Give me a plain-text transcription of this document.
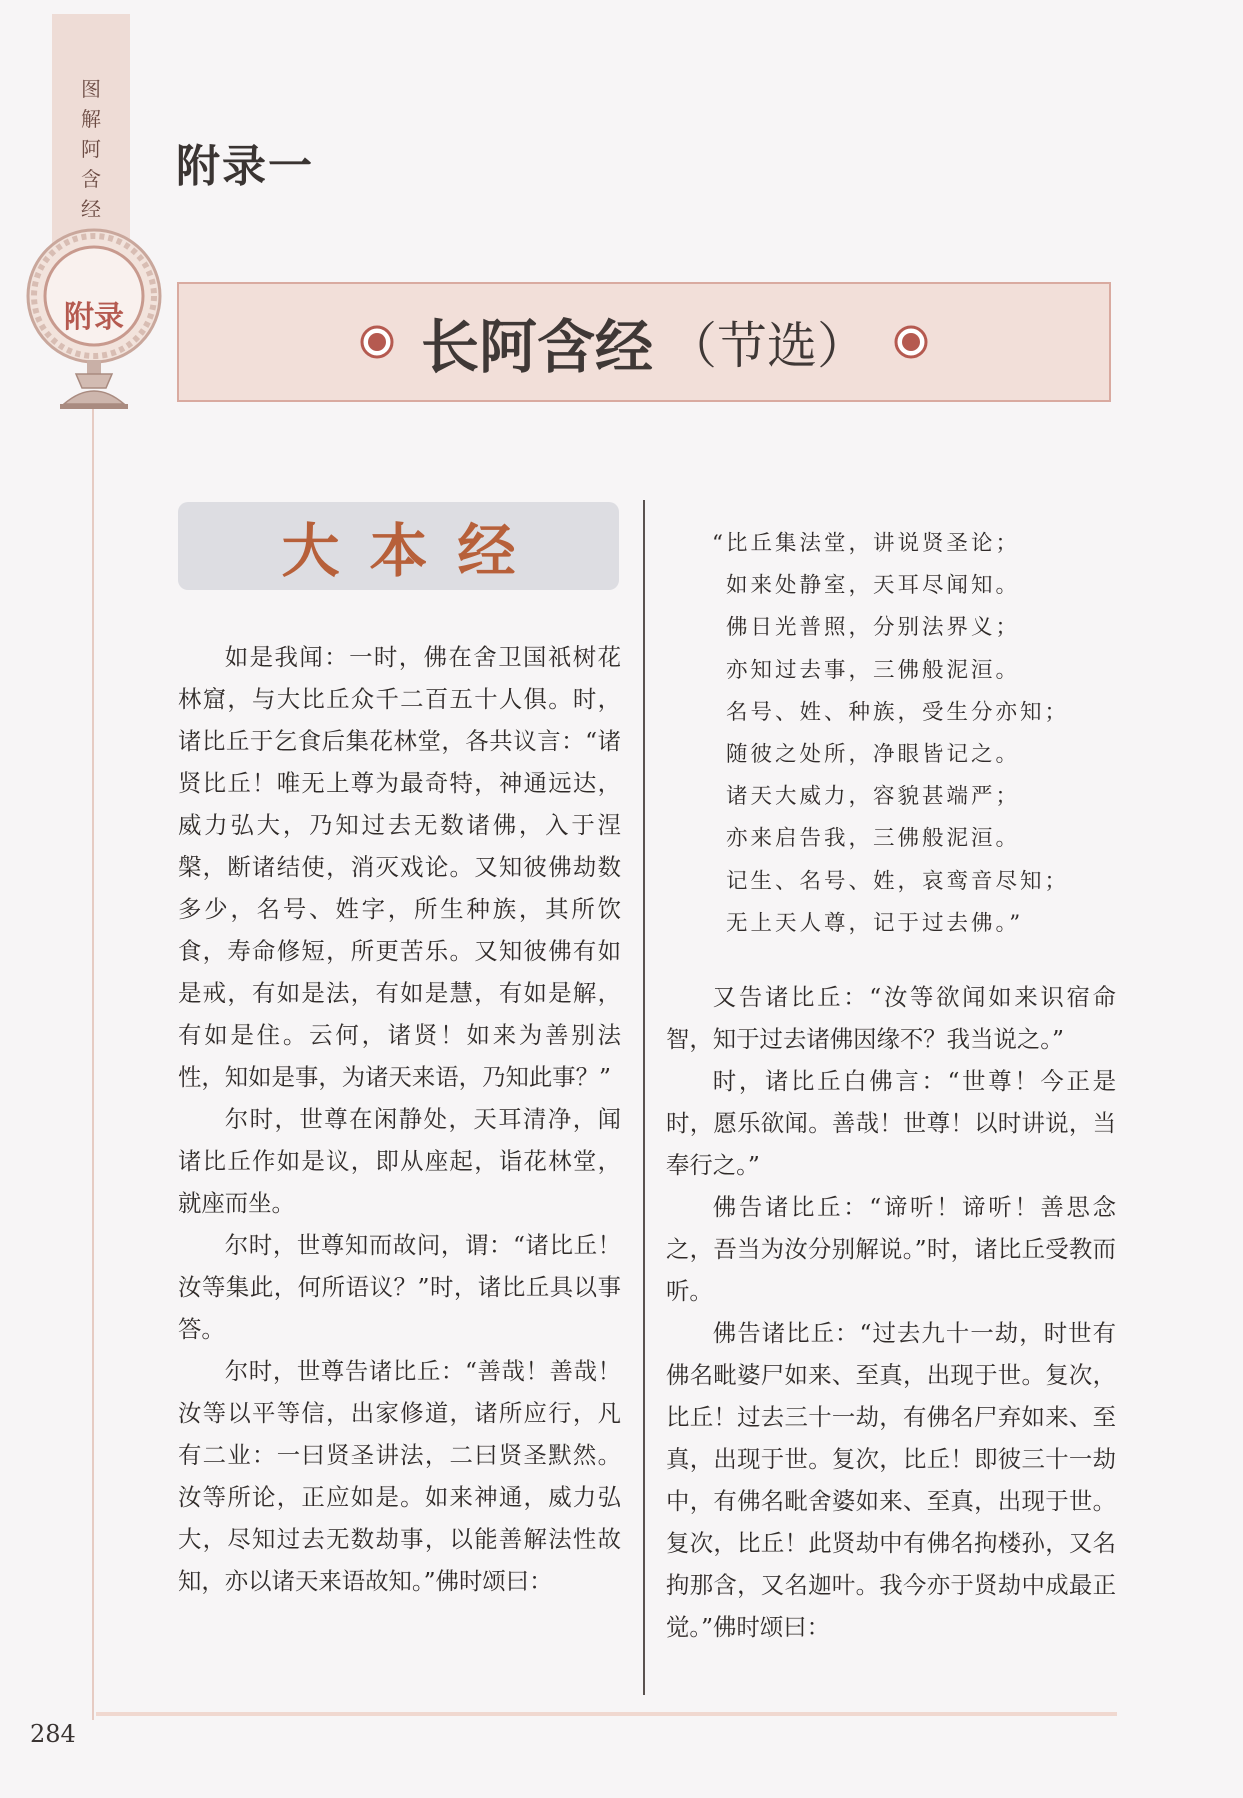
图
解
阿
含
经
附录
附录一
长阿含经 （节选）
大本经

如是我闻：一时，佛在舍卫国祇树花林窟，与大比丘众千二百五十人俱。时，诸比丘于乞食后集花林堂，各共议言：“诸贤比丘！唯无上尊为最奇特，神通远达，威力弘大，乃知过去无数诸佛，入于涅槃，断诸结使，消灭戏论。又知彼佛劫数多少，名号、姓字，所生种族，其所饮食，寿命修短，所更苦乐。又知彼佛有如是戒，有如是法，有如是慧，有如是解，有如是住。云何，诸贤！如来为善别法性，知如是事，为诸天来语，乃知此事？”

尔时，世尊在闲静处，天耳清净，闻诸比丘作如是议，即从座起，诣花林堂，就座而坐。

尔时，世尊知而故问，谓：“诸比丘！汝等集此，何所语议？”时，诸比丘具以事答。

尔时，世尊告诸比丘：“善哉！善哉！汝等以平等信，出家修道，诸所应行，凡有二业：一曰贤圣讲法，二曰贤圣默然。汝等所论，正应如是。如来神通，威力弘大，尽知过去无数劫事，以能善解法性故知，亦以诸天来语故知。”佛时颂曰：

“比丘集法堂，讲说贤圣论；
如来处静室，天耳尽闻知。
佛日光普照，分别法界义；
亦知过去事，三佛般泥洹。
名号、姓、种族，受生分亦知；
随彼之处所，净眼皆记之。
诸天大威力，容貌甚端严；
亦来启告我，三佛般泥洹。
记生、名号、姓，哀鸾音尽知；
无上天人尊，记于过去佛。”

又告诸比丘：“汝等欲闻如来识宿命智，知于过去诸佛因缘不？我当说之。”

时，诸比丘白佛言：“世尊！今正是时，愿乐欲闻。善哉！世尊！以时讲说，当奉行之。”

佛告诸比丘：“谛听！谛听！善思念之，吾当为汝分别解说。”时，诸比丘受教而听。

佛告诸比丘：“过去九十一劫，时世有佛名毗婆尸如来、至真，出现于世。复次，比丘！过去三十一劫，有佛名尸弃如来、至真，出现于世。复次，比丘！即彼三十一劫中，有佛名毗舍婆如来、至真，出现于世。复次，比丘！此贤劫中有佛名拘楼孙，又名拘那含，又名迦叶。我今亦于贤劫中成最正觉。”佛时颂曰：

284
